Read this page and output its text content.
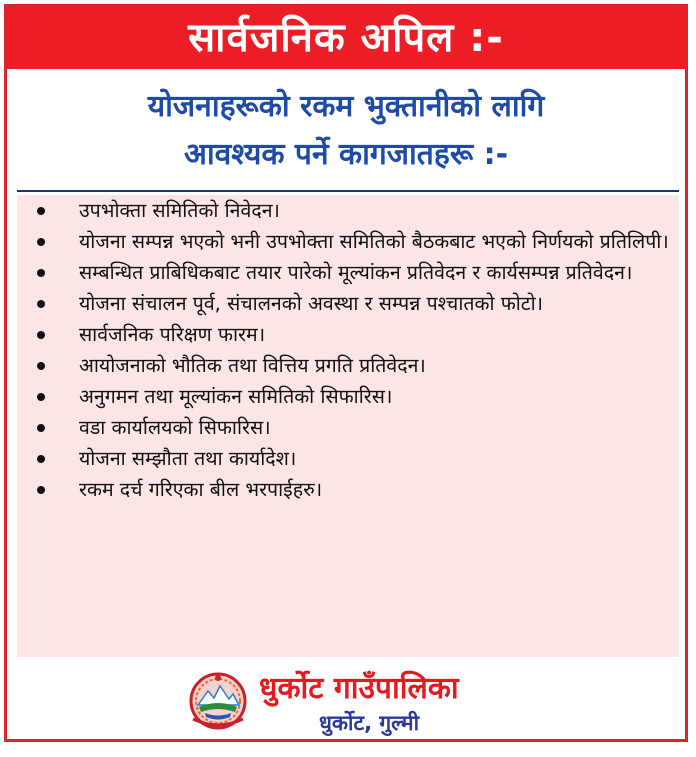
सार्वजनिक अपिल :-
योजनाहरूको रकम भुक्तानीको लागि
आवश्यक पर्ने कागजातहरू :-
उपभोक्ता समितिको निवेदन।
योजना सम्पन्न भएको भनी उपभोक्ता समितिको बैठकबाट भएको निर्णयको प्रतिलिपी।
सम्बन्धित प्राबिधिकबाट तयार पारेको मूल्यांकन प्रतिवेदन र कार्यसम्पन्न प्रतिवेदन।
योजना संचालन पूर्व, संचालनको अवस्था र सम्पन्न पश्चातको फोटो।
सार्वजनिक परिक्षण फारम।
आयोजनाको भौतिक तथा वित्तिय प्रगति प्रतिवेदन।
अनुगमन तथा मूल्यांकन समितिको सिफारिस।
वडा कार्यालयको सिफारिस।
योजना सम्झौता तथा कार्यादेश।
रकम दर्च गरिएका बील भरपाईहरु।
धुर्कोट गाउँपालिका
धुर्कोट, गुल्मी
